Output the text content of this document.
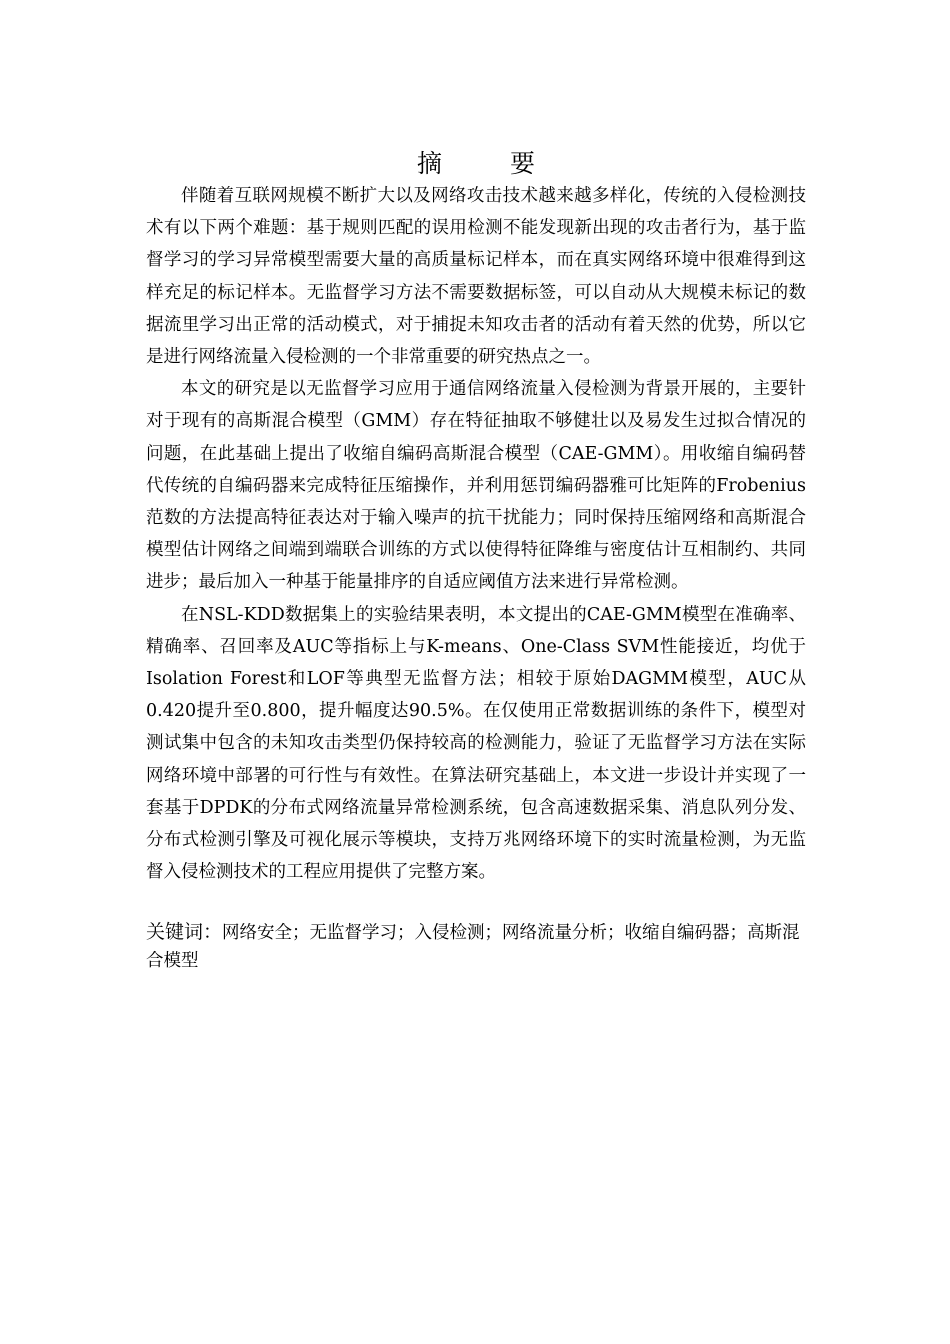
摘 要

伴随着互联网规模不断扩大以及网络攻击技术越来越多样化，传统的入侵检测技术有以下两个难题：基于规则匹配的误用检测不能发现新出现的攻击者行为，基于监督学习的学习异常模型需要大量的高质量标记样本，而在真实网络环境中很难得到这样充足的标记样本。无监督学习方法不需要数据标签，可以自动从大规模未标记的数据流里学习出正常的活动模式，对于捕捉未知攻击者的活动有着天然的优势，所以它是进行网络流量入侵检测的一个非常重要的研究热点之一。

本文的研究是以无监督学习应用于通信网络流量入侵检测为背景开展的，主要针对于现有的高斯混合模型（GMM）存在特征抽取不够健壮以及易发生过拟合情况的问题，在此基础上提出了收缩自编码高斯混合模型（CAE-GMM）。用收缩自编码替代传统的自编码器来完成特征压缩操作，并利用惩罚编码器雅可比矩阵的Frobenius范数的方法提高特征表达对于输入噪声的抗干扰能力；同时保持压缩网络和高斯混合模型估计网络之间端到端联合训练的方式以使得特征降维与密度估计互相制约、共同进步；最后加入一种基于能量排序的自适应阈值方法来进行异常检测。

在NSL-KDD数据集上的实验结果表明，本文提出的CAE-GMM模型在准确率、精确率、召回率及AUC等指标上与K-means、One-Class SVM性能接近，均优于Isolation Forest和LOF等典型无监督方法；相较于原始DAGMM模型，AUC从0.420提升至0.800，提升幅度达90.5%。在仅使用正常数据训练的条件下，模型对测试集中包含的未知攻击类型仍保持较高的检测能力，验证了无监督学习方法在实际网络环境中部署的可行性与有效性。在算法研究基础上，本文进一步设计并实现了一套基于DPDK的分布式网络流量异常检测系统，包含高速数据采集、消息队列分发、分布式检测引擎及可视化展示等模块，支持万兆网络环境下的实时流量检测，为无监督入侵检测技术的工程应用提供了完整方案。

关键词：网络安全；无监督学习；入侵检测；网络流量分析；收缩自编码器；高斯混合模型
